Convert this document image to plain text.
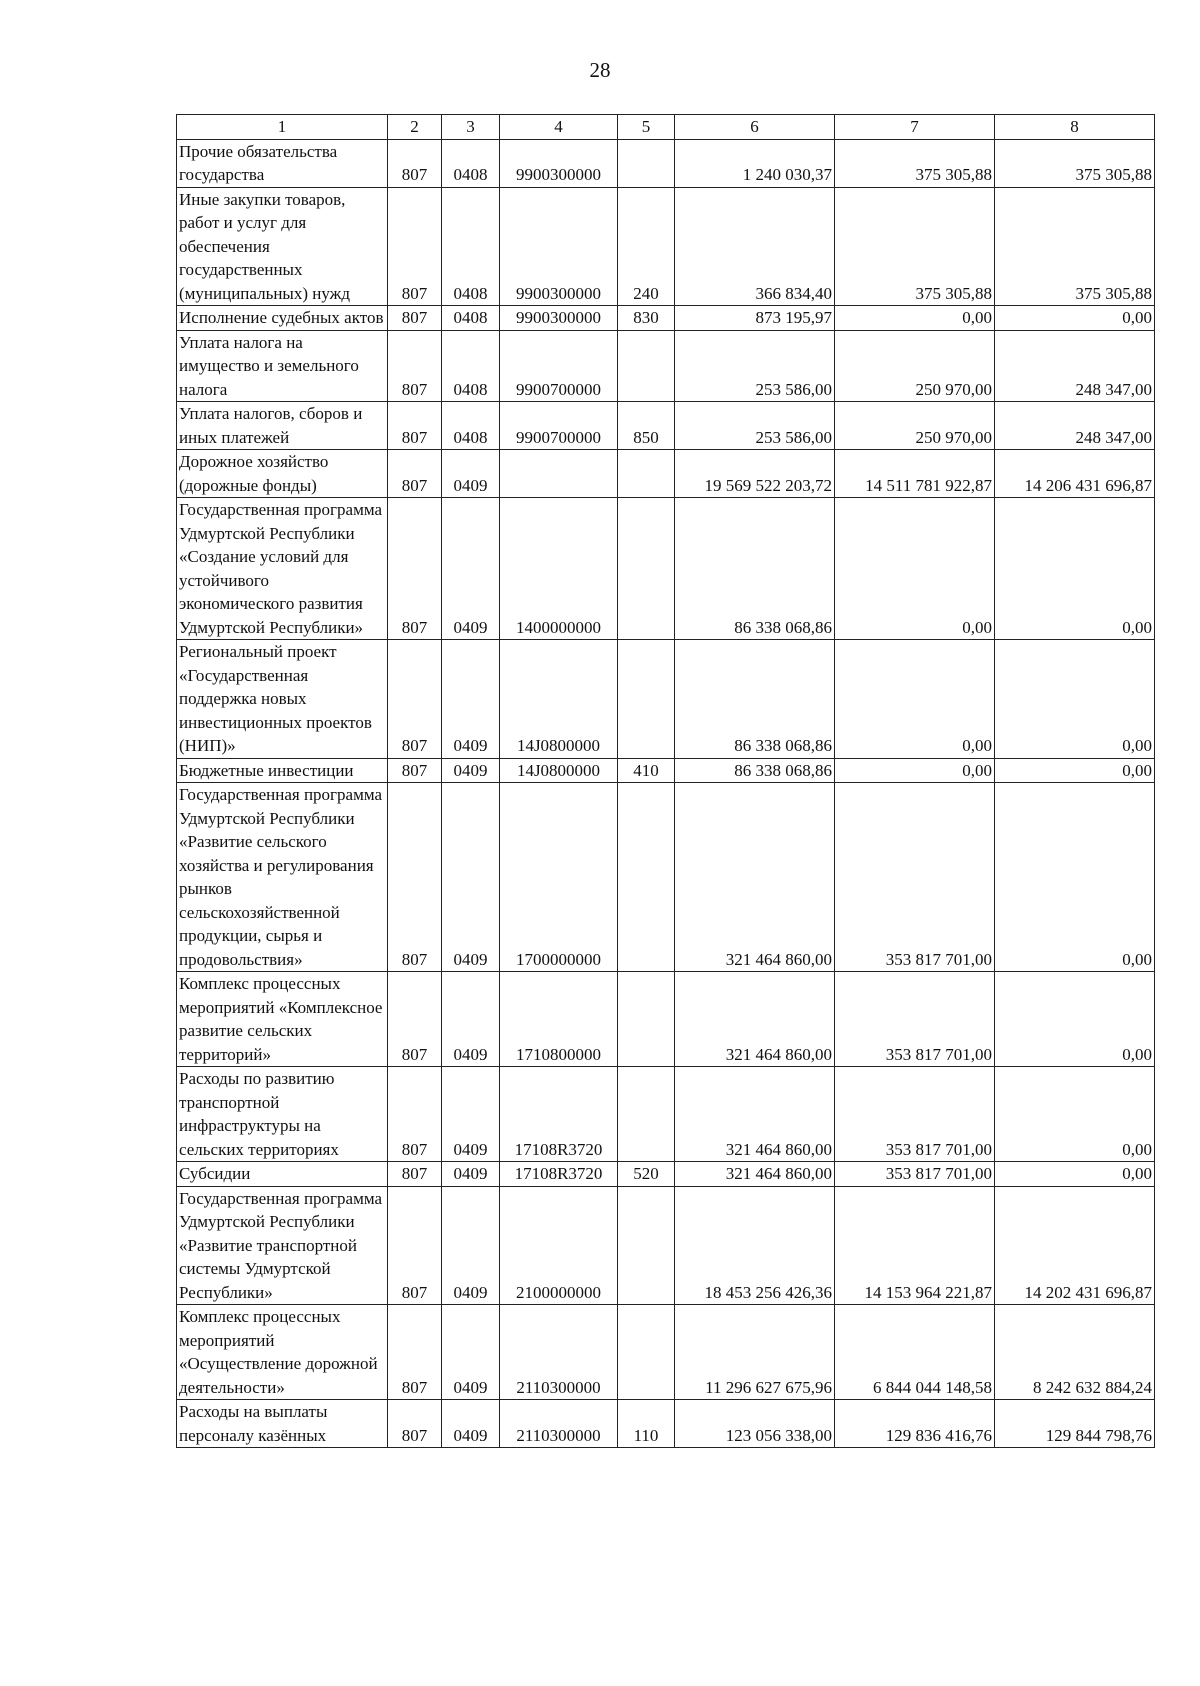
28
1	2	3	4	5	6	7	8
Прочие обязательства государства	807	0408	9900300000		1 240 030,37	375 305,88	375 305,88
Иные закупки товаров, работ и услуг для обеспечения государственных (муниципальных) нужд	807	0408	9900300000	240	366 834,40	375 305,88	375 305,88
Исполнение судебных актов	807	0408	9900300000	830	873 195,97	0,00	0,00
Уплата налога на имущество и земельного налога	807	0408	9900700000		253 586,00	250 970,00	248 347,00
Уплата налогов, сборов и иных платежей	807	0408	9900700000	850	253 586,00	250 970,00	248 347,00
Дорожное хозяйство (дорожные фонды)	807	0409			19 569 522 203,72	14 511 781 922,87	14 206 431 696,87
Государственная программа Удмуртской Республики «Создание условий для устойчивого экономического развития Удмуртской Республики»	807	0409	1400000000		86 338 068,86	0,00	0,00
Региональный проект «Государственная поддержка новых инвестиционных проектов (НИП)»	807	0409	14J0800000		86 338 068,86	0,00	0,00
Бюджетные инвестиции	807	0409	14J0800000	410	86 338 068,86	0,00	0,00
Государственная программа Удмуртской Республики «Развитие сельского хозяйства и регулирования рынков сельскохозяйственной продукции, сырья и продовольствия»	807	0409	1700000000		321 464 860,00	353 817 701,00	0,00
Комплекс процессных мероприятий «Комплексное развитие сельских территорий»	807	0409	1710800000		321 464 860,00	353 817 701,00	0,00
Расходы по развитию транспортной инфраструктуры на сельских территориях	807	0409	17108R3720		321 464 860,00	353 817 701,00	0,00
Субсидии	807	0409	17108R3720	520	321 464 860,00	353 817 701,00	0,00
Государственная программа Удмуртской Республики «Развитие транспортной системы Удмуртской Республики»	807	0409	2100000000		18 453 256 426,36	14 153 964 221,87	14 202 431 696,87
Комплекс процессных мероприятий «Осуществление дорожной деятельности»	807	0409	2110300000		11 296 627 675,96	6 844 044 148,58	8 242 632 884,24
Расходы на выплаты персоналу казённых	807	0409	2110300000	110	123 056 338,00	129 836 416,76	129 844 798,76
